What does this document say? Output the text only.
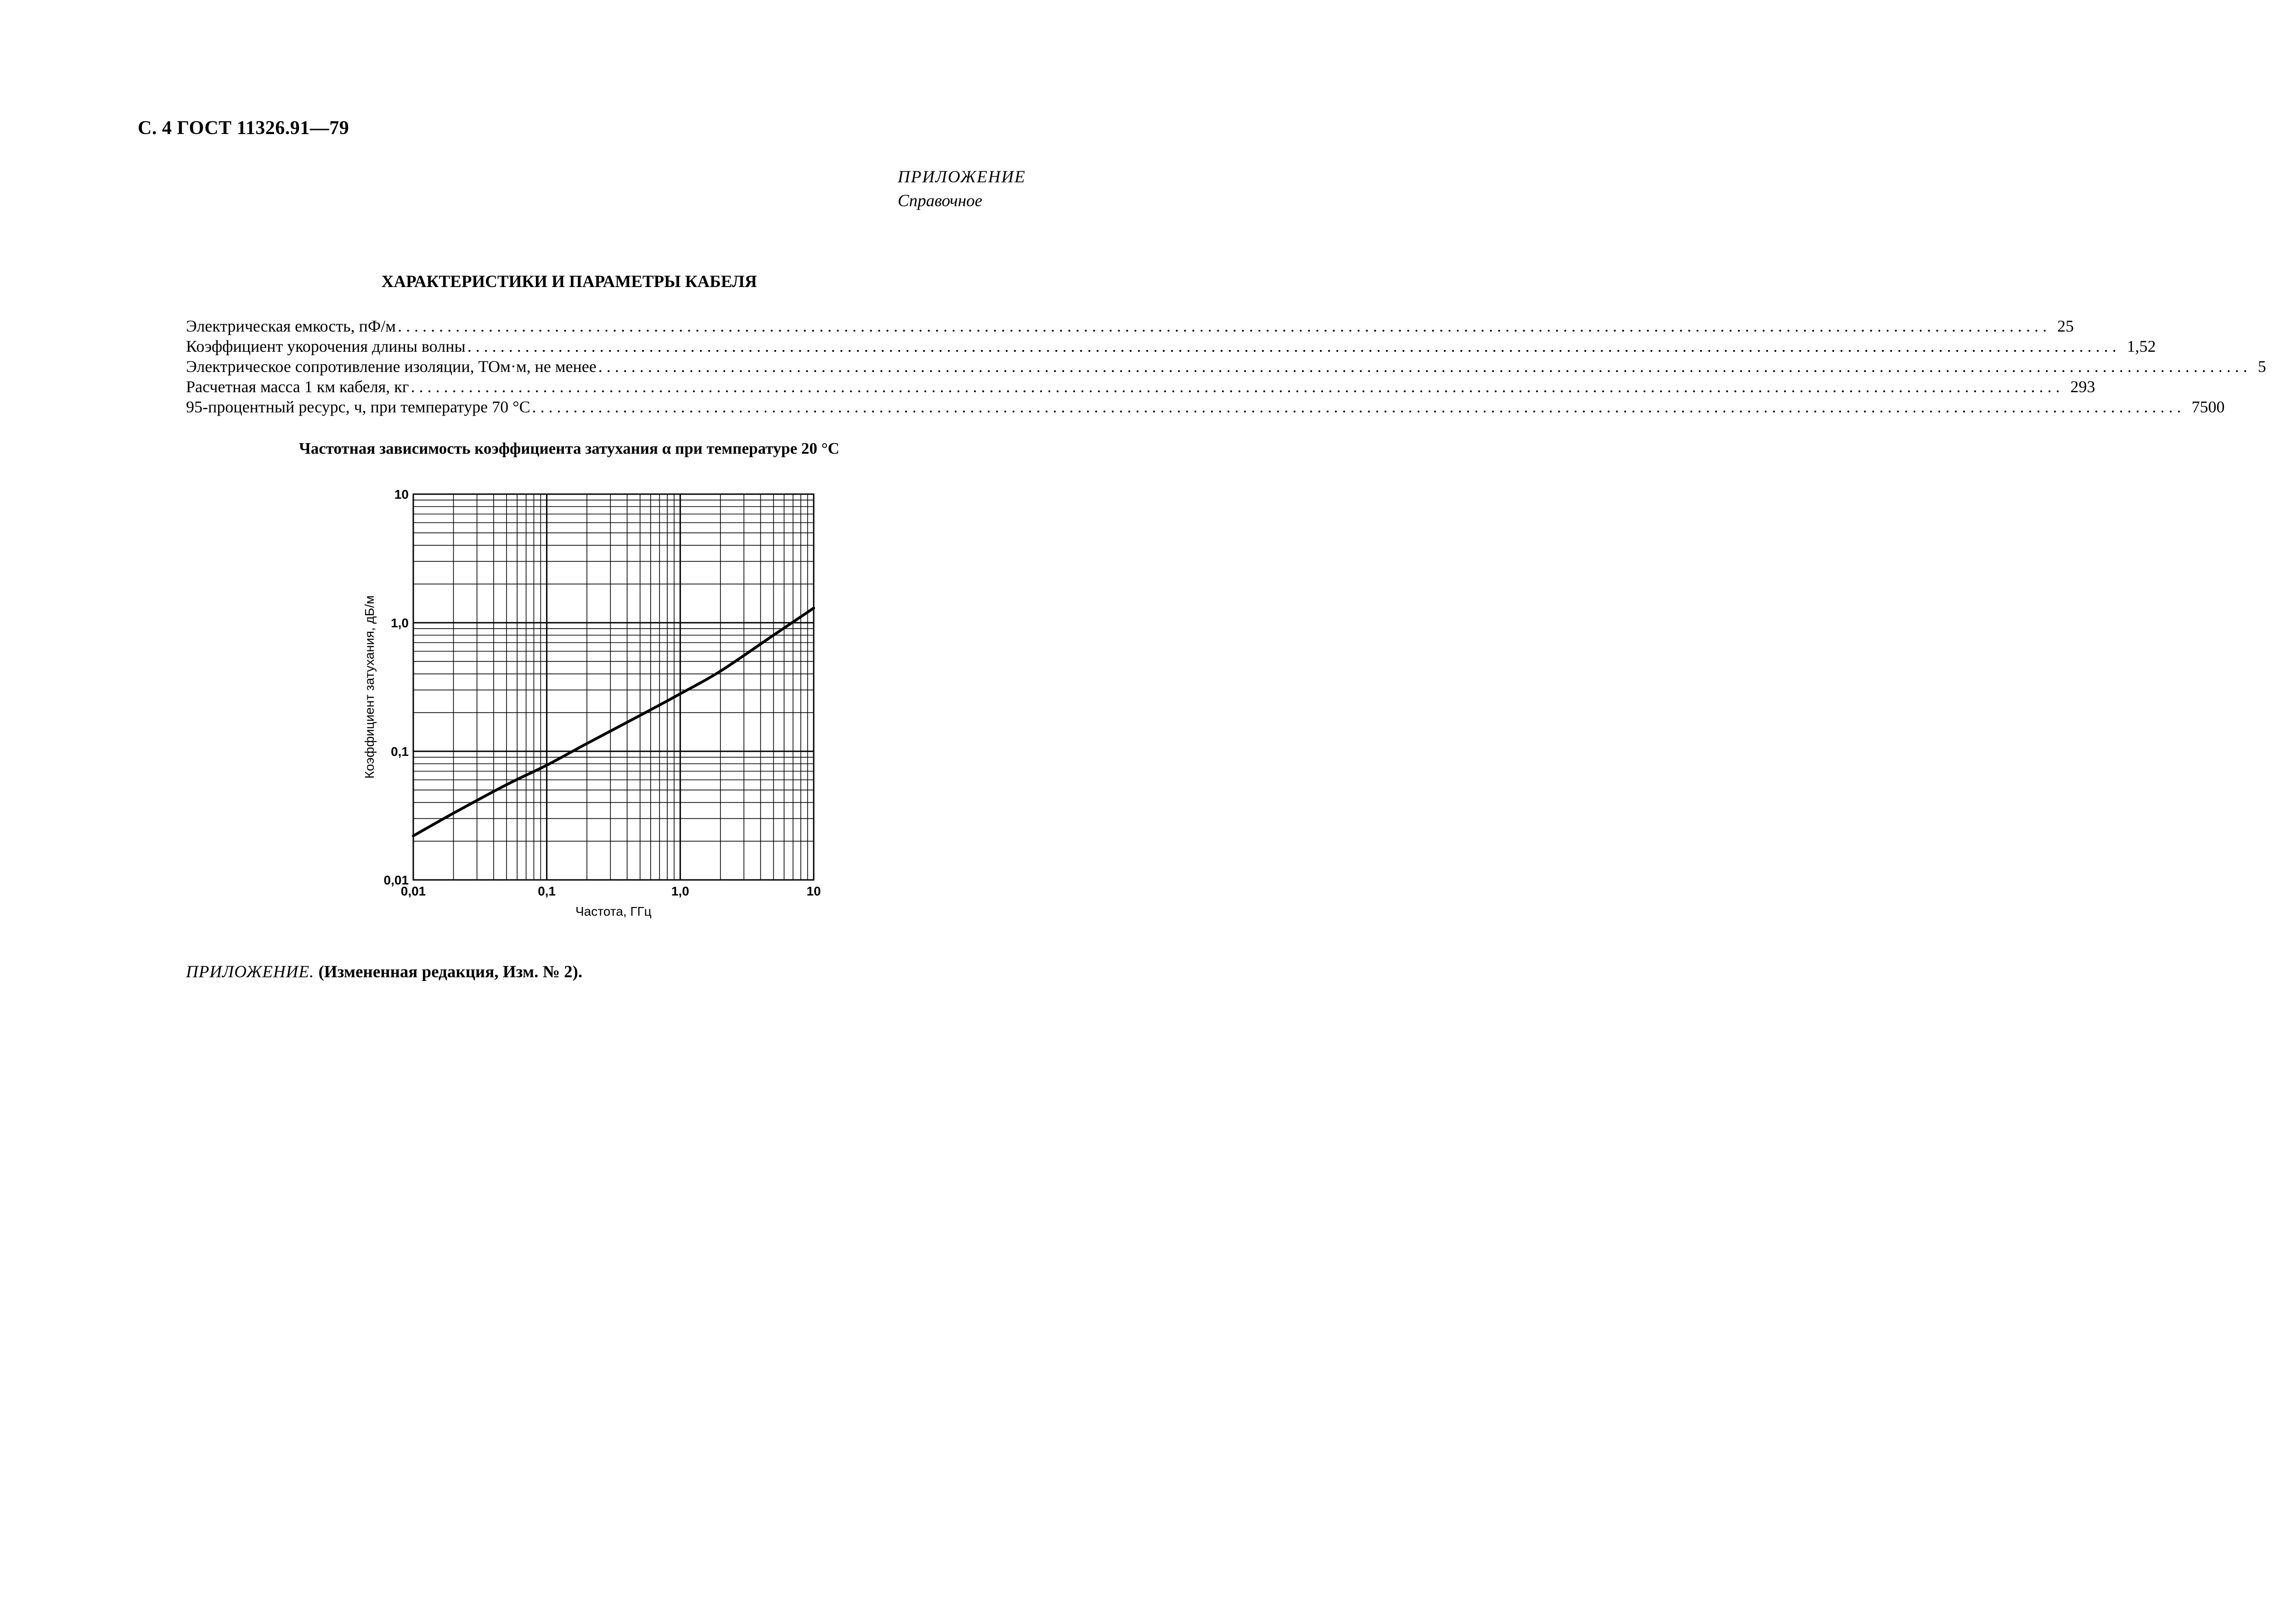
С. 4 ГОСТ 11326.91—79
ПРИЛОЖЕНИЕ
Справочное
ХАРАКТЕРИСТИКИ И ПАРАМЕТРЫ КАБЕЛЯ
Электрическая емкость, пФ/м ........................................................................................................................................................................................................ 25
Коэффициент укорочения длины волны ........................................................................................................................................................................................................ 1,52
Электрическое сопротивление изоляции, ТОм·м, не менее ........................................................................................................................................................................................................ 5
Расчетная масса 1 км кабеля, кг ........................................................................................................................................................................................................ 293
95-процентный ресурс, ч, при температуре 70 °С ........................................................................................................................................................................................................ 7500
Частотная зависимость коэффициента затухания α при температуре 20 °С
0,01	0,1	1,0	10
0,01
0,1
1,0
10
Частота, ГГц
Коэффициент затухания, дБ/м
ПРИЛОЖЕНИЕ. (Измененная редакция, Изм. № 2).
